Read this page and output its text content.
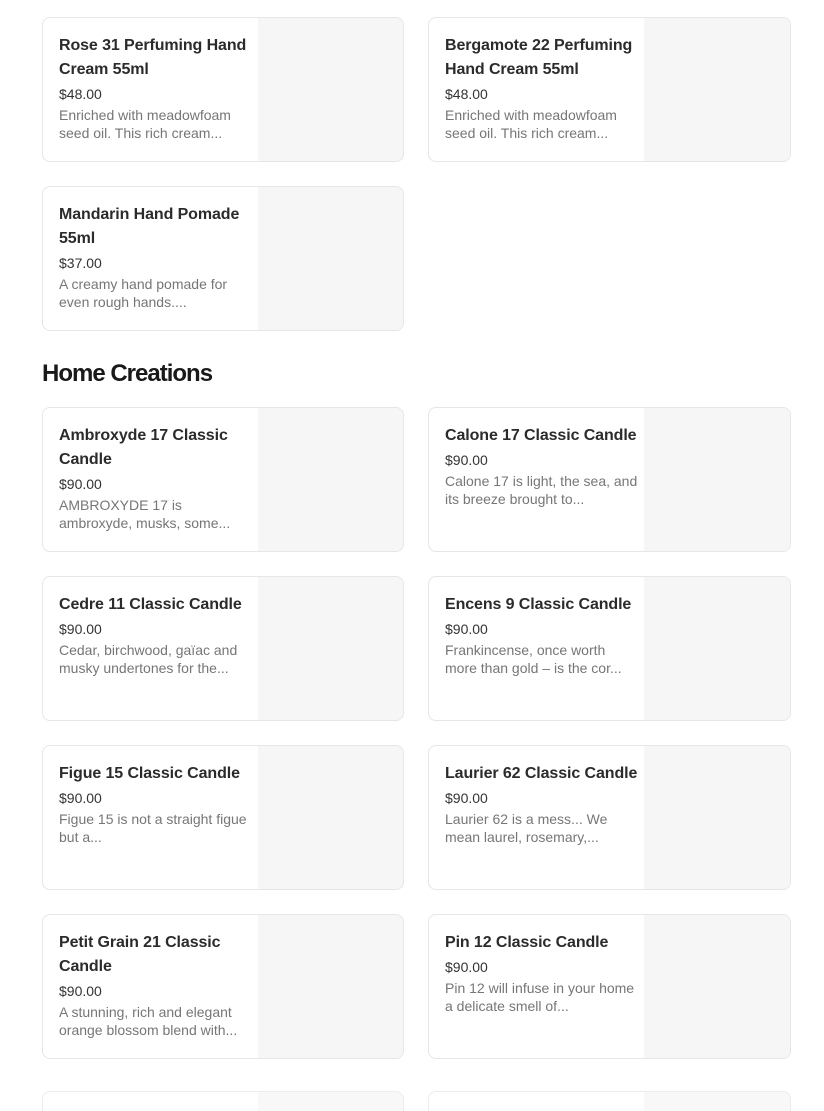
Rose 31 Perfuming Hand Cream 55ml
$48.00
Enriched with meadowfoam seed oil. This rich cream...
Bergamote 22 Perfuming Hand Cream 55ml
$48.00
Enriched with meadowfoam seed oil. This rich cream...
Mandarin Hand Pomade 55ml
$37.00
A creamy hand pomade for even rough hands....
Home Creations
Ambroxyde 17 Classic Candle
$90.00
AMBROXYDE 17 is ambroxyde, musks, some...
Calone 17 Classic Candle
$90.00
Calone 17 is light, the sea, and its breeze brought to...
Cedre 11 Classic Candle
$90.00
Cedar, birchwood, gaïac and musky undertones for the...
Encens 9 Classic Candle
$90.00
Frankincense, once worth more than gold – is the cor...
Figue 15 Classic Candle
$90.00
Figue 15 is not a straight figue but a...
Laurier 62 Classic Candle
$90.00
Laurier 62 is a mess... We mean laurel, rosemary,...
Petit Grain 21 Classic Candle
$90.00
A stunning, rich and elegant orange blossom blend with...
Pin 12 Classic Candle
$90.00
Pin 12 will infuse in your home a delicate smell of...
